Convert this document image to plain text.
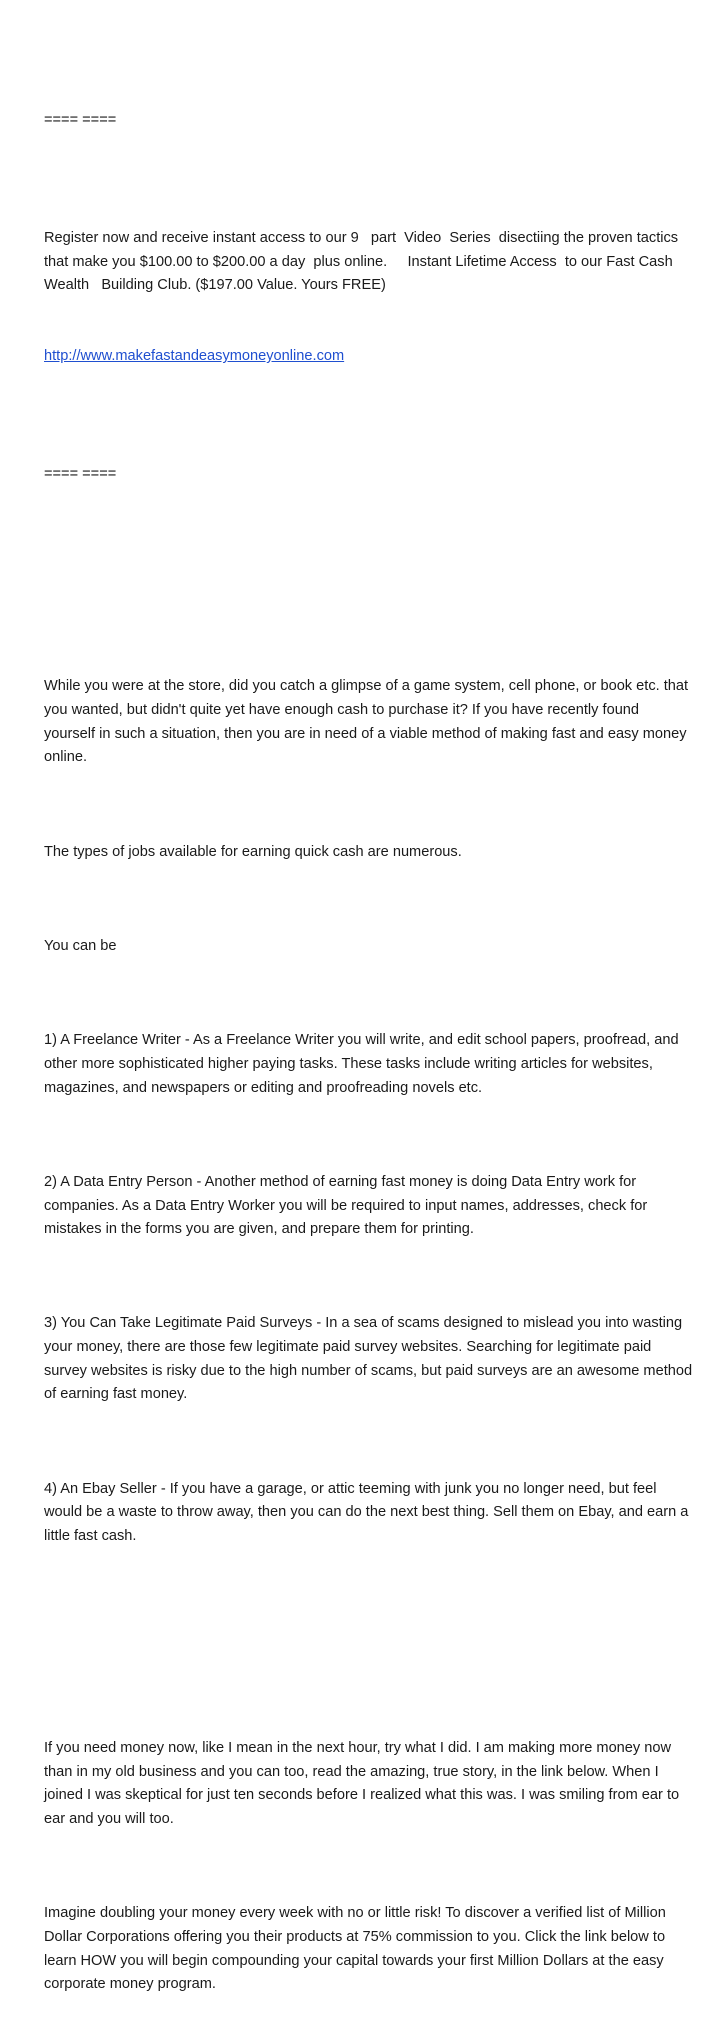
==== ====

Register now and receive instant access to our 9   part  Video  Series  disectiing the proven tactics that make you $100.00 to $200.00 a day  plus online.     Instant Lifetime Access  to our Fast Cash  Wealth   Building Club. ($197.00 Value. Yours FREE)

http://www.makefastandeasymoneyonline.com

==== ====

While you were at the store, did you catch a glimpse of a game system, cell phone, or book etc. that you wanted, but didn't quite yet have enough cash to purchase it? If you have recently found yourself in such a situation, then you are in need of a viable method of making fast and easy money online.

The types of jobs available for earning quick cash are numerous.

You can be

1) A Freelance Writer - As a Freelance Writer you will write, and edit school papers, proofread, and other more sophisticated higher paying tasks. These tasks include writing articles for websites, magazines, and newspapers or editing and proofreading novels etc.

2) A Data Entry Person - Another method of earning fast money is doing Data Entry work for companies. As a Data Entry Worker you will be required to input names, addresses, check for mistakes in the forms you are given, and prepare them for printing.

3) You Can Take Legitimate Paid Surveys - In a sea of scams designed to mislead you into wasting your money, there are those few legitimate paid survey websites. Searching for legitimate paid survey websites is risky due to the high number of scams, but paid surveys are an awesome method of earning fast money.

4) An Ebay Seller - If you have a garage, or attic teeming with junk you no longer need, but feel would be a waste to throw away, then you can do the next best thing. Sell them on Ebay, and earn a little fast cash.

If you need money now, like I mean in the next hour, try what I did. I am making more money now than in my old business and you can too, read the amazing, true story, in the link below. When I joined I was skeptical for just ten seconds before I realized what this was. I was smiling from ear to ear and you will too.

Imagine doubling your money every week with no or little risk! To discover a verified list of Million Dollar Corporations offering you their products at 75% commission to you. Click the link below to learn HOW you will begin compounding your capital towards your first Million Dollars at the easy corporate money program.
